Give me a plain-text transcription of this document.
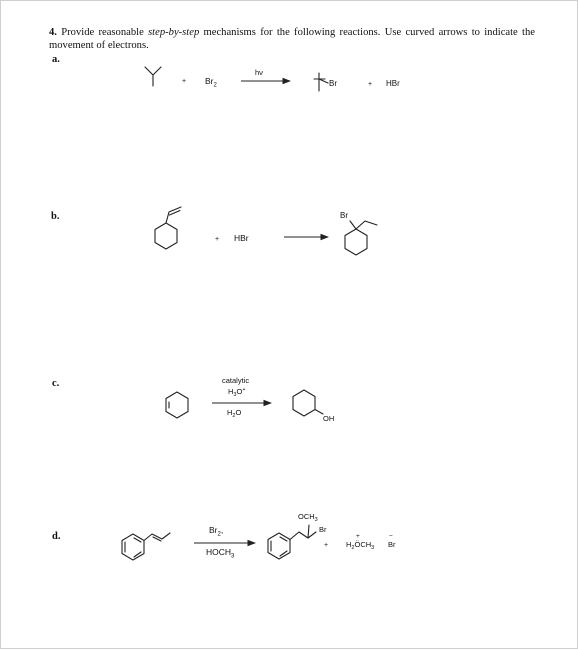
4. Provide reasonable step-by-step mechanisms for the following reactions. Use curved arrows to indicate the movement of electrons.
a.
b.
c.
d.
+ $Br_2$
hν
Br	+ HBr
+ HBr
Br
catalytic
$H_3O^+$
$H_2O$
OH
$Br_2$,
$HOCH_3$
$OCH_3$
Br
+ $H_2ÖCH_3$
+
Br
−
